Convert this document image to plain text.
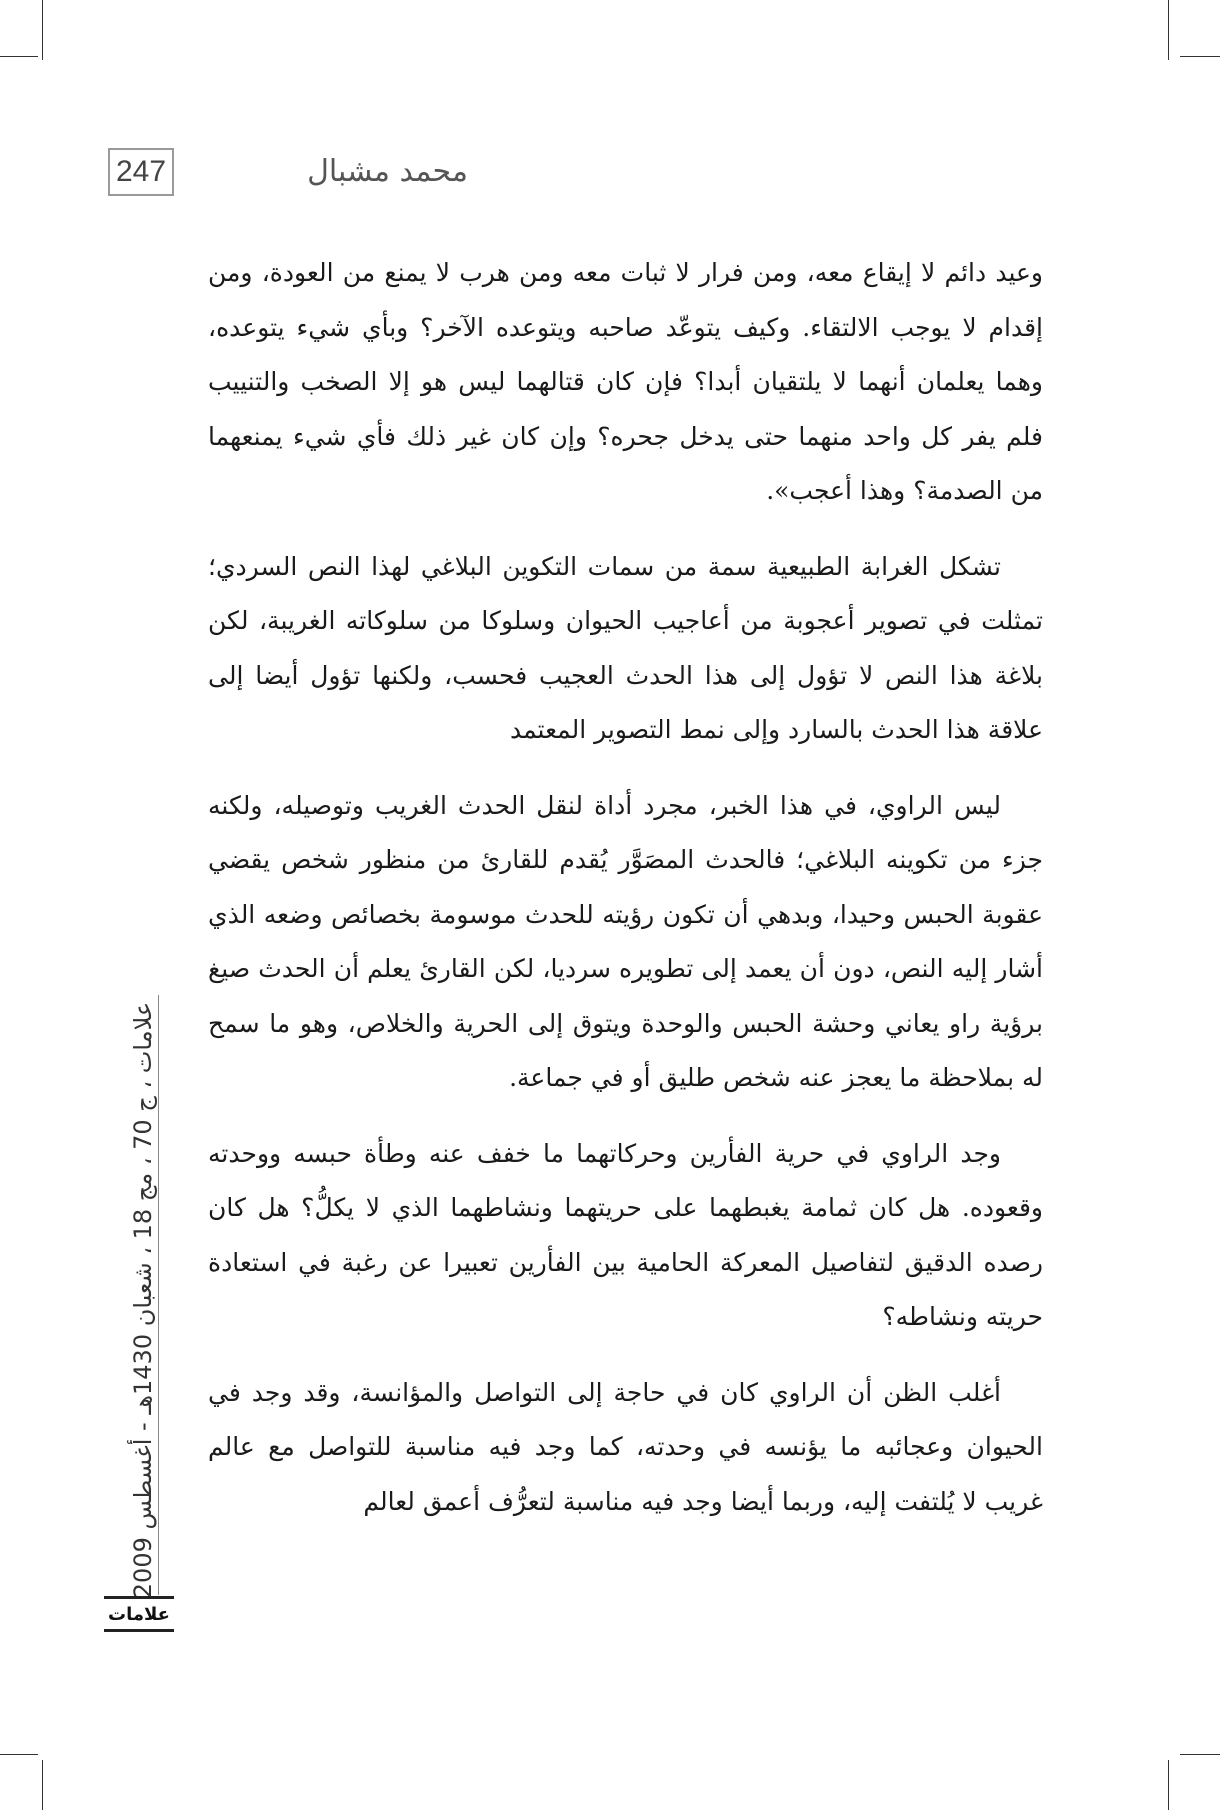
247	محمد مشبال
علامات ، ج 70 ، مج 18 ، شعبان 1430هـ - أغسطس 2009
علامات

وعيد دائم لا إيقاع معه، ومن فرار لا ثبات معه ومن هرب لا يمنع من العودة، ومن إقدام لا يوجب الالتقاء. وكيف يتوعّد صاحبه ويتوعده الآخر؟ وبأي شيء يتوعده، وهما يعلمان أنهما لا يلتقيان أبدا؟ فإن كان قتالهما ليس هو إلا الصخب والتنييب فلم يفر كل واحد منهما حتى يدخل جحره؟ وإن كان غير ذلك فأي شيء يمنعهما من الصدمة؟ وهذا أعجب».

تشكل الغرابة الطبيعية سمة من سمات التكوين البلاغي لهذا النص السردي؛ تمثلت في تصوير أعجوبة من أعاجيب الحيوان وسلوكا من سلوكاته الغريبة، لكن بلاغة هذا النص لا تؤول إلى هذا الحدث العجيب فحسب، ولكنها تؤول أيضا إلى علاقة هذا الحدث بالسارد وإلى نمط التصوير المعتمد

ليس الراوي، في هذا الخبر، مجرد أداة لنقل الحدث الغريب وتوصيله، ولكنه جزء من تكوينه البلاغي؛ فالحدث المصَوَّر يُقدم للقارئ من منظور شخص يقضي عقوبة الحبس وحيدا، وبدهي أن تكون رؤيته للحدث موسومة بخصائص وضعه الذي أشار إليه النص، دون أن يعمد إلى تطويره سرديا، لكن القارئ يعلم أن الحدث صيغ برؤية راو يعاني وحشة الحبس والوحدة ويتوق إلى الحرية والخلاص، وهو ما سمح له بملاحظة ما يعجز عنه شخص طليق أو في جماعة.

وجد الراوي في حرية الفأرين وحركاتهما ما خفف عنه وطأة حبسه ووحدته وقعوده. هل كان ثمامة يغبطهما على حريتهما ونشاطهما الذي لا يكلُّ؟ هل كان رصده الدقيق لتفاصيل المعركة الحامية بين الفأرين تعبيرا عن رغبة في استعادة حريته ونشاطه؟

أغلب الظن أن الراوي كان في حاجة إلى التواصل والمؤانسة، وقد وجد في الحيوان وعجائبه ما يؤنسه في وحدته، كما وجد فيه مناسبة للتواصل مع عالم غريب لا يُلتفت إليه، وربما أيضا وجد فيه مناسبة لتعرُّف أعمق لعالم
